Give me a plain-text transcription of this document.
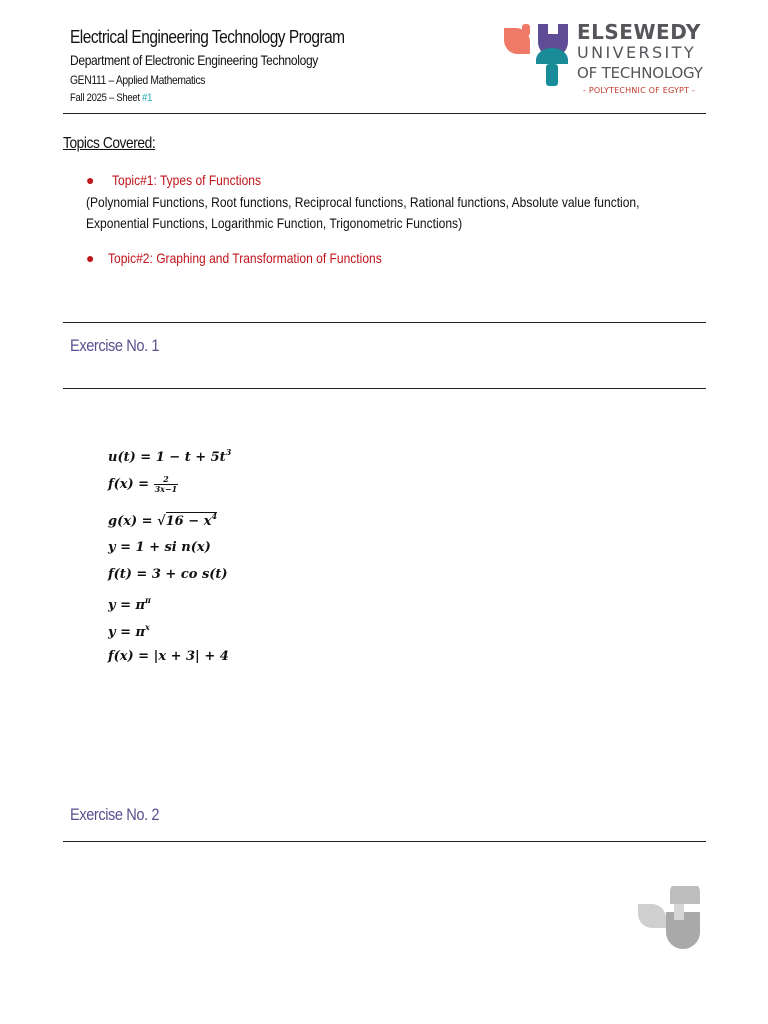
Electrical Engineering Technology Program
Department of Electronic Engineering Technology
GEN111 – Applied Mathematics
Fall 2025 – Sheet #1
ELSEWEDY
UNIVERSITY
OF TECHNOLOGY
- POLYTECHNIC OF EGYPT -
Topics Covered:
● Topic#1: Types of Functions
(Polynomial Functions, Root functions, Reciprocal functions, Rational functions, Absolute value function,
Exponential Functions, Logarithmic Function, Trigonometric Functions)
● Topic#2: Graphing and Transformation of Functions
Exercise No. 1
$u(t) = 1 - t + 5t^3$
$f(x) = \frac{2}{3x-1}$
$g(x) = √16 - x^4$
y = 1 + si n(x)
f(t) = 3 + co s(t)
$y = \pi^\pi$
$y = \pi^x$
f(x) = |x + 3| + 4
Exercise No. 2
